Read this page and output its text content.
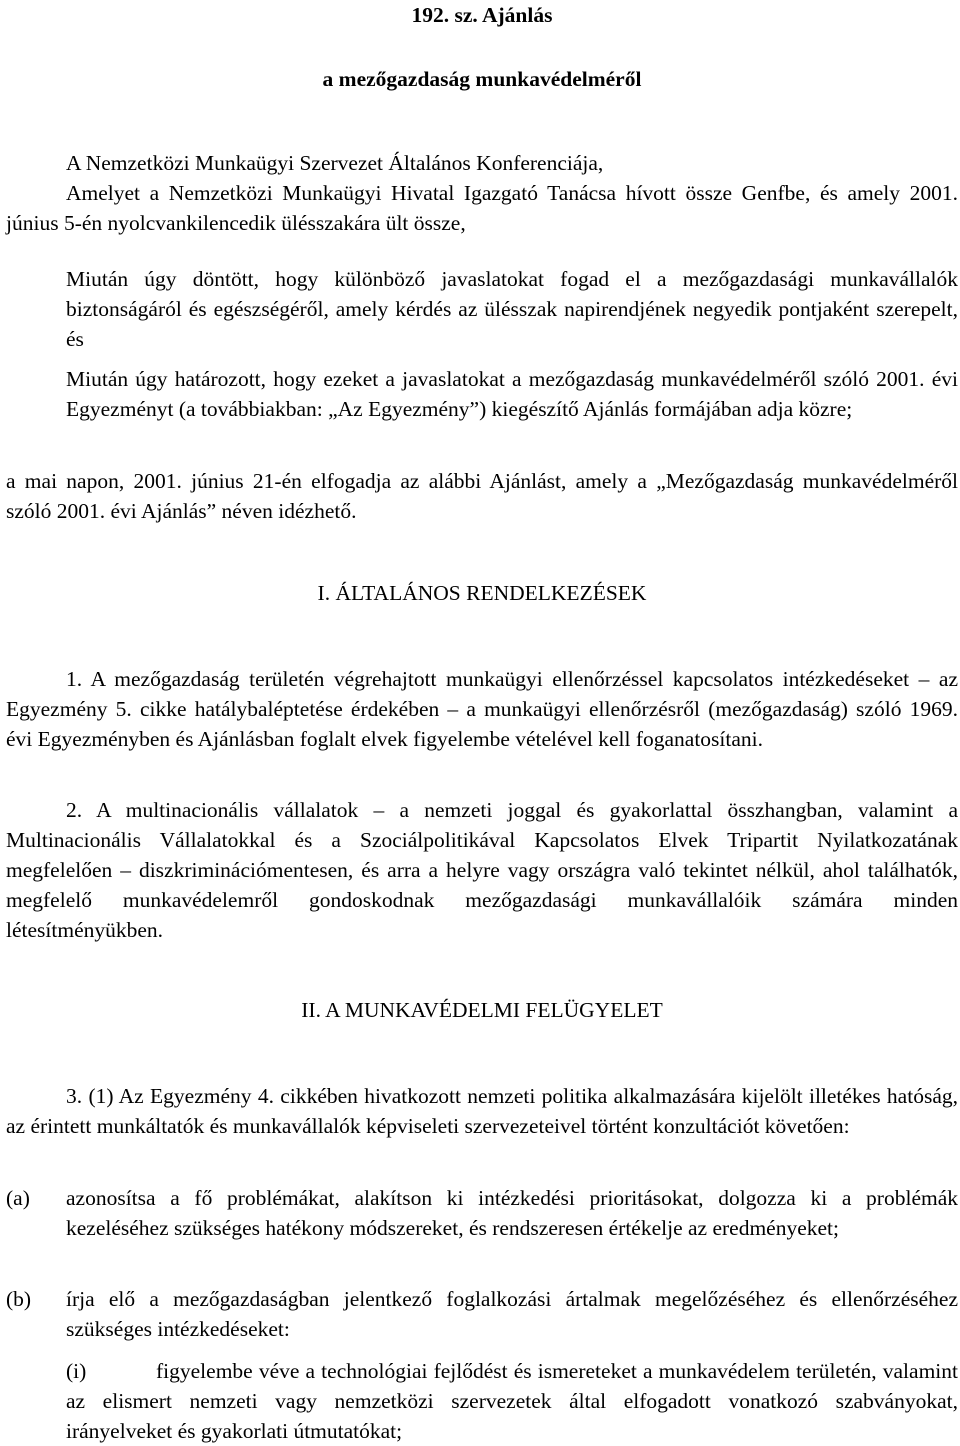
192. sz. Ajánlás

a mezőgazdaság munkavédelméről

A Nemzetközi Munkaügyi Szervezet Általános Konferenciája,

Amelyet a Nemzetközi Munkaügyi Hivatal Igazgató Tanácsa hívott össze Genfbe, és amely 2001. június 5-én nyolcvankilencedik ülésszakára ült össze,

Miután úgy döntött, hogy különböző javaslatokat fogad el a mezőgazdasági munkavállalók biztonságáról és egészségéről, amely kérdés az ülésszak napirendjének negyedik pontjaként szerepelt, és

Miután úgy határozott, hogy ezeket a javaslatokat a mezőgazdaság munkavédelméről szóló 2001. évi Egyezményt (a továbbiakban: „Az Egyezmény”) kiegészítő Ajánlás formájában adja közre;

a mai napon, 2001. június 21-én elfogadja az alábbi Ajánlást, amely a „Mezőgazdaság munkavédelméről szóló 2001. évi Ajánlás” néven idézhető.

I. ÁLTALÁNOS RENDELKEZÉSEK

1. A mezőgazdaság területén végrehajtott munkaügyi ellenőrzéssel kapcsolatos intézkedéseket – az Egyezmény 5. cikke hatálybaléptetése érdekében – a munkaügyi ellenőrzésről (mezőgazdaság) szóló 1969. évi Egyezményben és Ajánlásban foglalt elvek figyelembe vételével kell foganatosítani.

2. A multinacionális vállalatok – a nemzeti joggal és gyakorlattal összhangban, valamint a Multinacionális Vállalatokkal és a Szociálpolitikával Kapcsolatos Elvek Tripartit Nyilatkozatának megfelelően – diszkriminációmentesen, és arra a helyre vagy országra való tekintet nélkül, ahol találhatók, megfelelő munkavédelemről gondoskodnak mezőgazdasági munkavállalóik számára minden létesítményükben.

II. A MUNKAVÉDELMI FELÜGYELET

3. (1) Az Egyezmény 4. cikkében hivatkozott nemzeti politika alkalmazására kijelölt illetékes hatóság, az érintett munkáltatók és munkavállalók képviseleti szervezeteivel történt konzultációt követően:

(a) azonosítsa a fő problémákat, alakítson ki intézkedési prioritásokat, dolgozza ki a problémák kezeléséhez szükséges hatékony módszereket, és rendszeresen értékelje az eredményeket;

(b) írja elő a mezőgazdaságban jelentkező foglalkozási ártalmak megelőzéséhez és ellenőrzéséhez szükséges intézkedéseket:

(i)	figyelembe véve a technológiai fejlődést és ismereteket a munkavédelem területén, valamint az elismert nemzeti vagy nemzetközi szervezetek által elfogadott vonatkozó szabványokat, irányelveket és gyakorlati útmutatókat;
